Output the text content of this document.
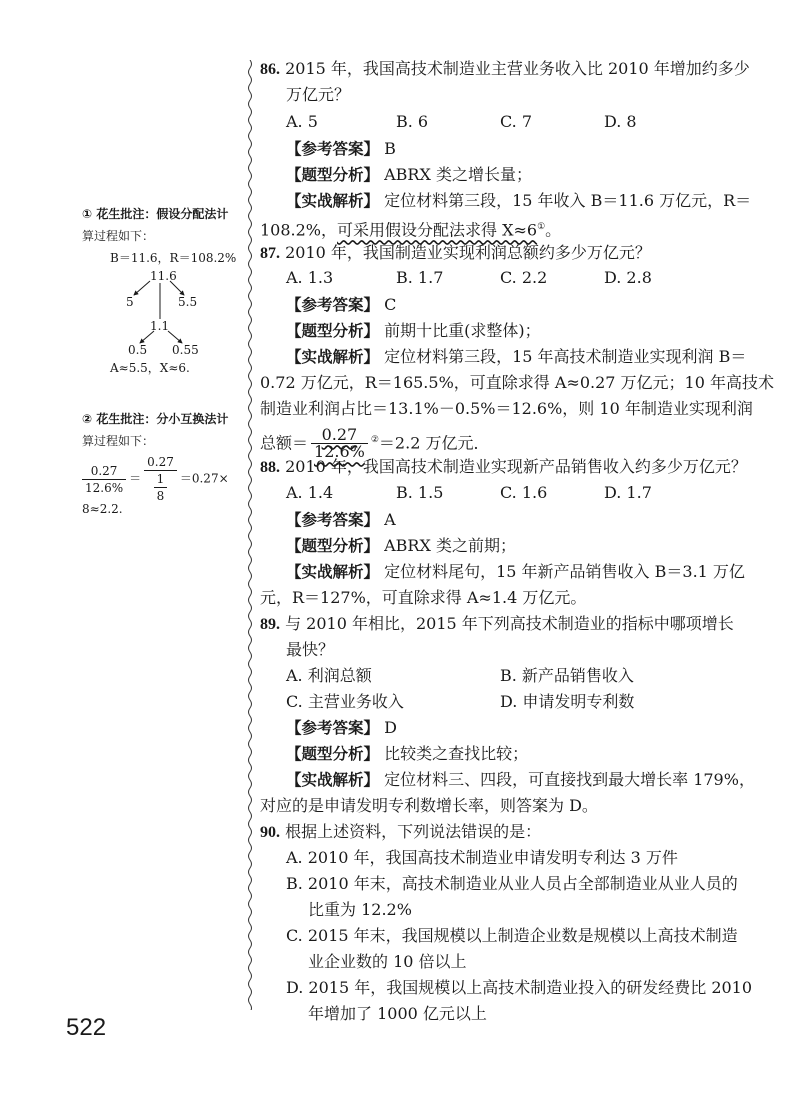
86. 2015 年，我国高技术制造业主营业务收入比 2010 年增加约多少
万亿元？
A. 5	B. 6	C. 7	D. 8
【参考答案】 B
【题型分析】 ABRX 类之增长量；
【实战解析】 定位材料第三段，15 年收入 B＝11.6 万亿元，R＝
108.2%，可采用假设分配法求得 X≈6①。
87. 2010 年，我国制造业实现利润总额约多少万亿元？
A. 1.3	B. 1.7	C. 2.2	D. 2.8
【参考答案】 C
【题型分析】 前期十比重(求整体)；
【实战解析】 定位材料第三段，15 年高技术制造业实现利润 B＝
0.72 万亿元，R＝165.5%，可直除求得 A≈0.27 万亿元；10 年高技术
制造业利润占比＝13.1%－0.5%＝12.6%，则 10 年制造业实现利润
总额＝ $\frac{0.27}{12.6\%} ^②=2.2$ 万亿元．
88. 2010 年，我国高技术制造业实现新产品销售收入约多少万亿元？
A. 1.4	B. 1.5	C. 1.6	D. 1.7
【参考答案】 A
【题型分析】 ABRX 类之前期；
【实战解析】 定位材料尾句，15 年新产品销售收入 B＝3.1 万亿
元，R＝127%，可直除求得 A≈1.4 万亿元。
89. 与 2010 年相比，2015 年下列高技术制造业的指标中哪项增长
最快？
A. 利润总额	B. 新产品销售收入
C. 主营业务收入	D. 申请发明专利数
【参考答案】 D
【题型分析】 比较类之查找比较；
【实战解析】 定位材料三、四段，可直接找到最大增长率 179%，
对应的是申请发明专利数增长率，则答案为 D。
90. 根据上述资料，下列说法错误的是：
A. 2010 年，我国高技术制造业申请发明专利达 3 万件
B. 2010 年末，高技术制造业从业人员占全部制造业从业人员的
比重为 12.2%
C. 2015 年末，我国规模以上制造企业数是规模以上高技术制造
业企业数的 10 倍以上
D. 2015 年，我国规模以上高技术制造业投入的研发经费比 2010
年增加了 1000 亿元以上
① 花生批注：假设分配法计
算过程如下：
B＝11.6，R＝108.2%
11.6
5	5.5
1.1
0.5 0.55
A≈5.5，X≈6.
② 花生批注：分小互换法计
算过程如下：
$\frac{0.27}{12.6\%} = \frac{0.27}{\frac{1}{8}} =0.27\times$
8≈2.2.
522
